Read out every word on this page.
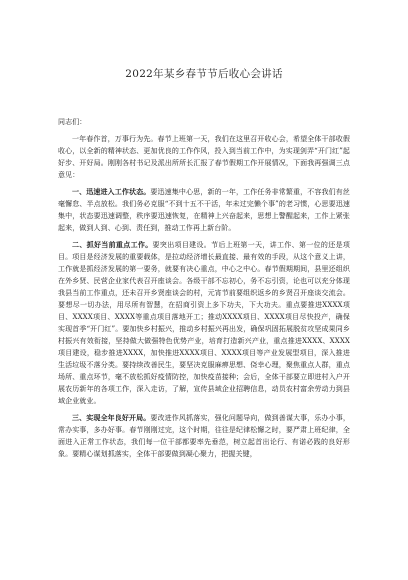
2022年某乡春节节后收心会讲话

同志们：

一年春作首，万事行为先。春节上班第一天，我们在这里召开收心会，希望全体干部收假收心，以全新的精神状态、更加优良的工作作风，投入到当前工作中，为实现剑弄“开门红”起好步、开好局。刚刚各村书记及派出所所长汇报了春节假期工作开展情况，下面我再强调三点意见：

一、迅速进入工作状态。要迅速集中心思，新的一年，工作任务非常繁重，不容我们有丝毫懈怠、半点放松。我们务必克服“不到十五不干活，年未过完懒个事”的老习惯，心思要迅速集中，状态要迅速调整，秩序要迅速恢复，在精神上兴奋起来，思想上警醒起来，工作上紧张起来，做到人到、心到、责任到，推动工作再上新台阶。

二、抓好当前重点工作。要突出项目建设。节后上班第一天，讲工作、第一位的还是项目。项目是经济发展的重要载体，是拉动经济增长最直接、最有效的手段，从这个意义上讲，工作就是抓经济发展的第一要务，就要有决心重点，中心之中心。春节假期期间，县里还组织在外乡贤、民营企业家代表召开座谈会。各级干部不忘初心，务不忘引资，论也可以充分体现我县当前工作重点，还未召开乡贤座谈会的村，元宵节前要组织返乡的乡贤召开座谈交流会。要想尽一切办法，用尽所有智慧，在招商引资上多下功夫，下大功夫。重点要推进XXXX项目、XXXX项目、XXXX等重点项目落地开工；推动XXXX项目、XXXX项目尽快投产，确保实现首季“开门红”。要加快乡村振兴，推动乡村振兴再出发，确保巩固拓展脱贫攻坚成果同乡村振兴有效衔接，坚持做大做强特色优势产业，培育打造新兴产业，重点推进XXXX、XXXX项目建设，稳步推进XXXX，加快推进XXXX项目、XXXX项目等产业发展型项目，深入推进生活垃圾不落分类。要持续改善民生，要坚决克服麻痹思想、侥幸心理，聚焦重点人群，重点场所、重点环节，毫不放松抓好疫情防控，加快疫苗接种；会后，全体干部要立即进村入户开展农历新年的各项工作，深入走访，了解，宣传县域企业招聘信息，动员农村富余劳动力到县域企业就业。

三、实现全年良好开局。要改进作风抓落实，强化问题导向，做到善谋大事，乐办小事，常办实事，多办好事。春节刚刚过完，这个时期，往往是纪律松懈之时，要严肃上班纪律，全面进入正常工作状态，我们每一位干部都要率先垂范，树立起首出论行、有诺必践的良好形象。要精心谋划抓落实，全体干部要做到凝心聚力，把握关键，
